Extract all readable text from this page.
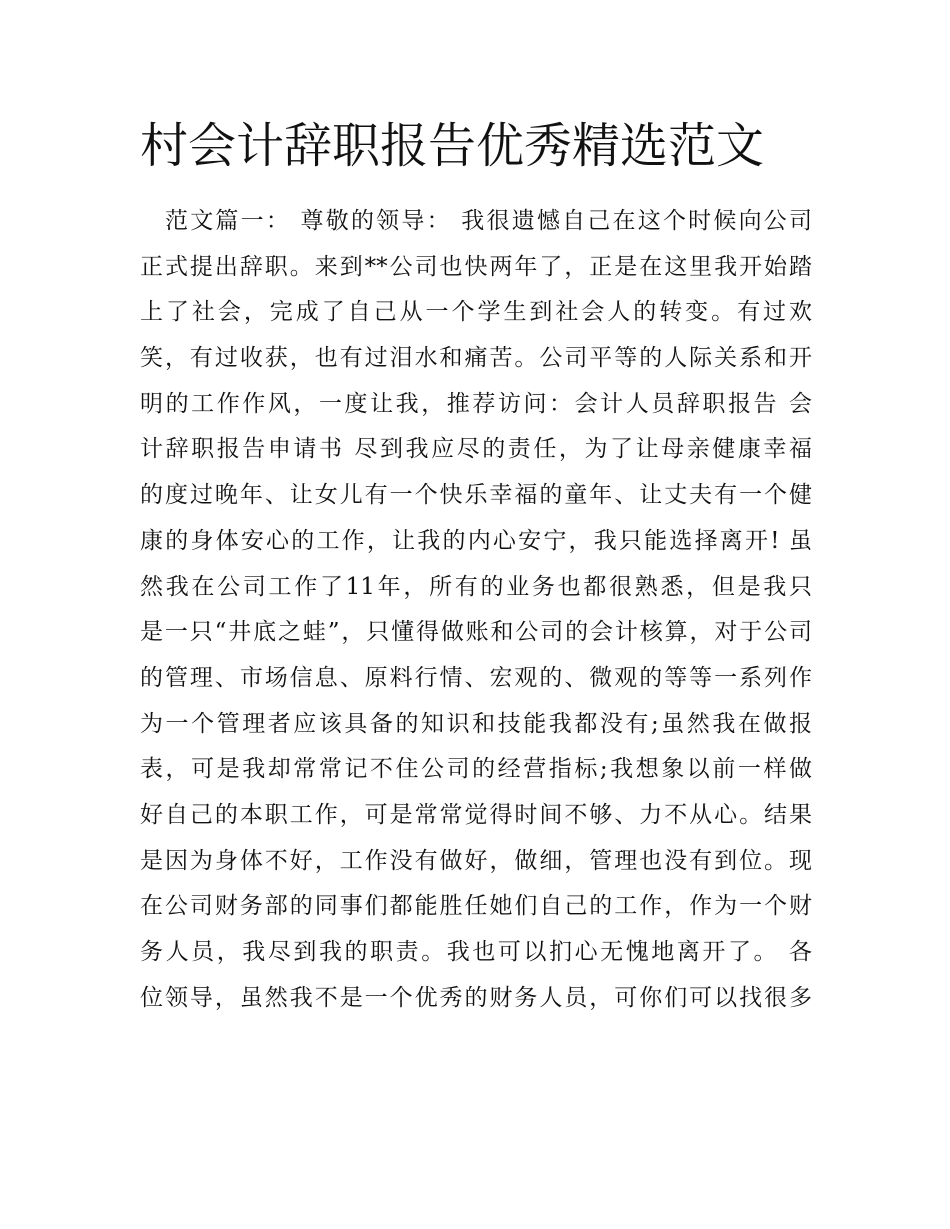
村会计辞职报告优秀精选范文
范文篇一： 尊敬的领导： 我很遗憾自己在这个时候向公司
正式提出辞职。来到**公司也快两年了，正是在这里我开始踏
上了社会，完成了自己从一个学生到社会人的转变。有过欢
笑，有过收获，也有过泪水和痛苦。公司平等的人际关系和开
明的工作作风，一度让我，推荐访问：会计人员辞职报告 会
计辞职报告申请书 尽到我应尽的责任，为了让母亲健康幸福
的度过晚年、让女儿有一个快乐幸福的童年、让丈夫有一个健
康的身体安心的工作，让我的内心安宁，我只能选择离开! 虽
然我在公司工作了11年，所有的业务也都很熟悉，但是我只
是一只“井底之蛙”，只懂得做账和公司的会计核算，对于公司
的管理、市场信息、原料行情、宏观的、微观的等等一系列作
为一个管理者应该具备的知识和技能我都没有;虽然我在做报
表，可是我却常常记不住公司的经营指标;我想象以前一样做
好自己的本职工作，可是常常觉得时间不够、力不从心。结果
是因为身体不好，工作没有做好，做细，管理也没有到位。现
在公司财务部的同事们都能胜任她们自己的工作，作为一个财
务人员，我尽到我的职责。我也可以扪心无愧地离开了。 各
位领导，虽然我不是一个优秀的财务人员，可你们可以找很多
